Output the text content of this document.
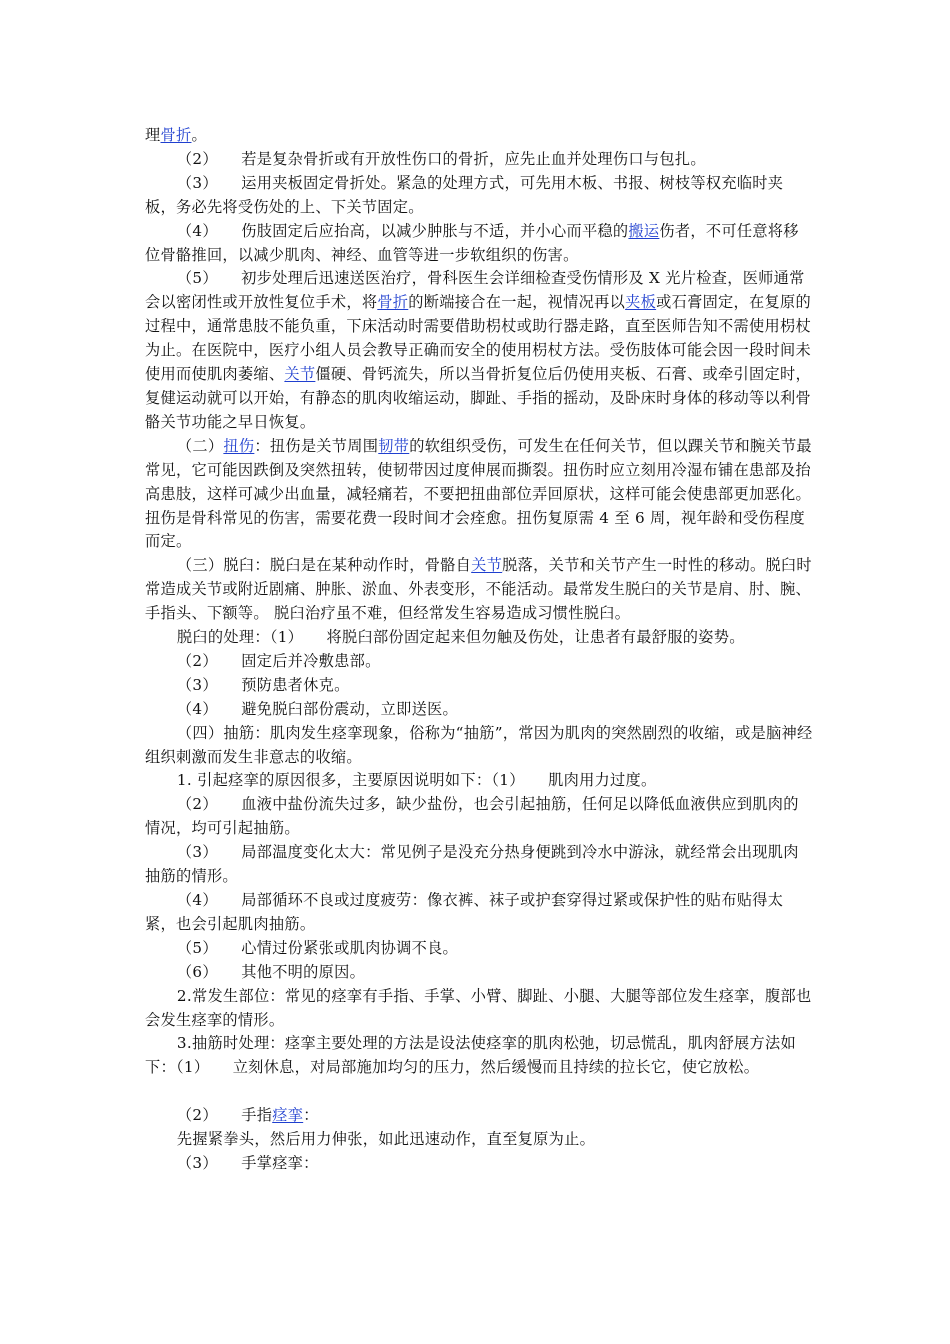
理骨折。

（2）　　若是复杂骨折或有开放性伤口的骨折，应先止血并处理伤口与包扎。

（3）　　运用夹板固定骨折处。紧急的处理方式，可先用木板、书报、树枝等权充临时夹板，务必先将受伤处的上、下关节固定。

（4）　　伤肢固定后应抬高，以减少肿胀与不适，并小心而平稳的搬运伤者，不可任意将移位骨骼推回，以减少肌肉、神经、血管等进一步软组织的伤害。

（5）　　初步处理后迅速送医治疗，骨科医生会详细检查受伤情形及 X 光片检查，医师通常会以密闭性或开放性复位手术，将骨折的断端接合在一起，视情况再以夹板或石膏固定，在复原的过程中，通常患肢不能负重，下床活动时需要借助枴杖或助行器走路，直至医师告知不需使用枴杖为止。在医院中，医疗小组人员会教导正确而安全的使用枴杖方法。受伤肢体可能会因一段时间未使用而使肌肉萎缩、关节僵硬、骨钙流失，所以当骨折复位后仍使用夹板、石膏、或牵引固定时，复健运动就可以开始，有静态的肌肉收缩运动，脚趾、手指的摇动，及卧床时身体的移动等以利骨骼关节功能之早日恢复。

（二）扭伤：扭伤是关节周围韧带的软组织受伤，可发生在任何关节，但以踝关节和腕关节最常见，它可能因跌倒及突然扭转，使韧带因过度伸展而撕裂。扭伤时应立刻用冷湿布铺在患部及抬高患肢，这样可减少出血量，减轻痛若，不要把扭曲部位弄回原状，这样可能会使患部更加恶化。扭伤是骨科常见的伤害，需要花费一段时间才会痊愈。扭伤复原需 4 至 6 周，视年龄和受伤程度而定。

（三）脱臼：脱臼是在某种动作时，骨骼自关节脱落，关节和关节产生一时性的移动。脱臼时常造成关节或附近剧痛、肿胀、淤血、外表变形，不能活动。最常发生脱臼的关节是肩、肘、腕、手指头、下额等。 脱臼治疗虽不难，但经常发生容易造成习惯性脱臼。

脱臼的处理：（1）　　将脱臼部份固定起来但勿触及伤处，让患者有最舒服的姿势。

（2）　　固定后并冷敷患部。

（3）　　预防患者休克。

（4）　　避免脱臼部份震动，立即送医。

（四）抽筋：肌肉发生痉挛现象，俗称为“抽筋”，常因为肌肉的突然剧烈的收缩，或是脑神经组织刺激而发生非意志的收缩。

1. 引起痉挛的原因很多，主要原因说明如下：（1）　　肌肉用力过度。

（2）　　血液中盐份流失过多，缺少盐份，也会引起抽筋，任何足以降低血液供应到肌肉的情况，均可引起抽筋。

（3）　　局部温度变化太大：常见例子是没充分热身便跳到冷水中游泳，就经常会出现肌肉抽筋的情形。

（4）　　局部循环不良或过度疲劳：像衣裤、袜子或护套穿得过紧或保护性的贴布贴得太紧，也会引起肌肉抽筋。

（5）　　心情过份紧张或肌肉协调不良。

（6）　　其他不明的原因。

2.常发生部位：常见的痉挛有手指、手掌、小臂、脚趾、小腿、大腿等部位发生痉挛，腹部也 会发生痉挛的情形。

3.抽筋时处理：痉挛主要处理的方法是设法使痉挛的肌肉松弛，切忌慌乱，肌肉舒展方法如下：（1）　　立刻休息，对局部施加均匀的压力，然后缓慢而且持续的拉长它，使它放松。

（2）　　手指痉挛：

先握紧拳头，然后用力伸张，如此迅速动作，直至复原为止。

（3）　　手掌痉挛：
